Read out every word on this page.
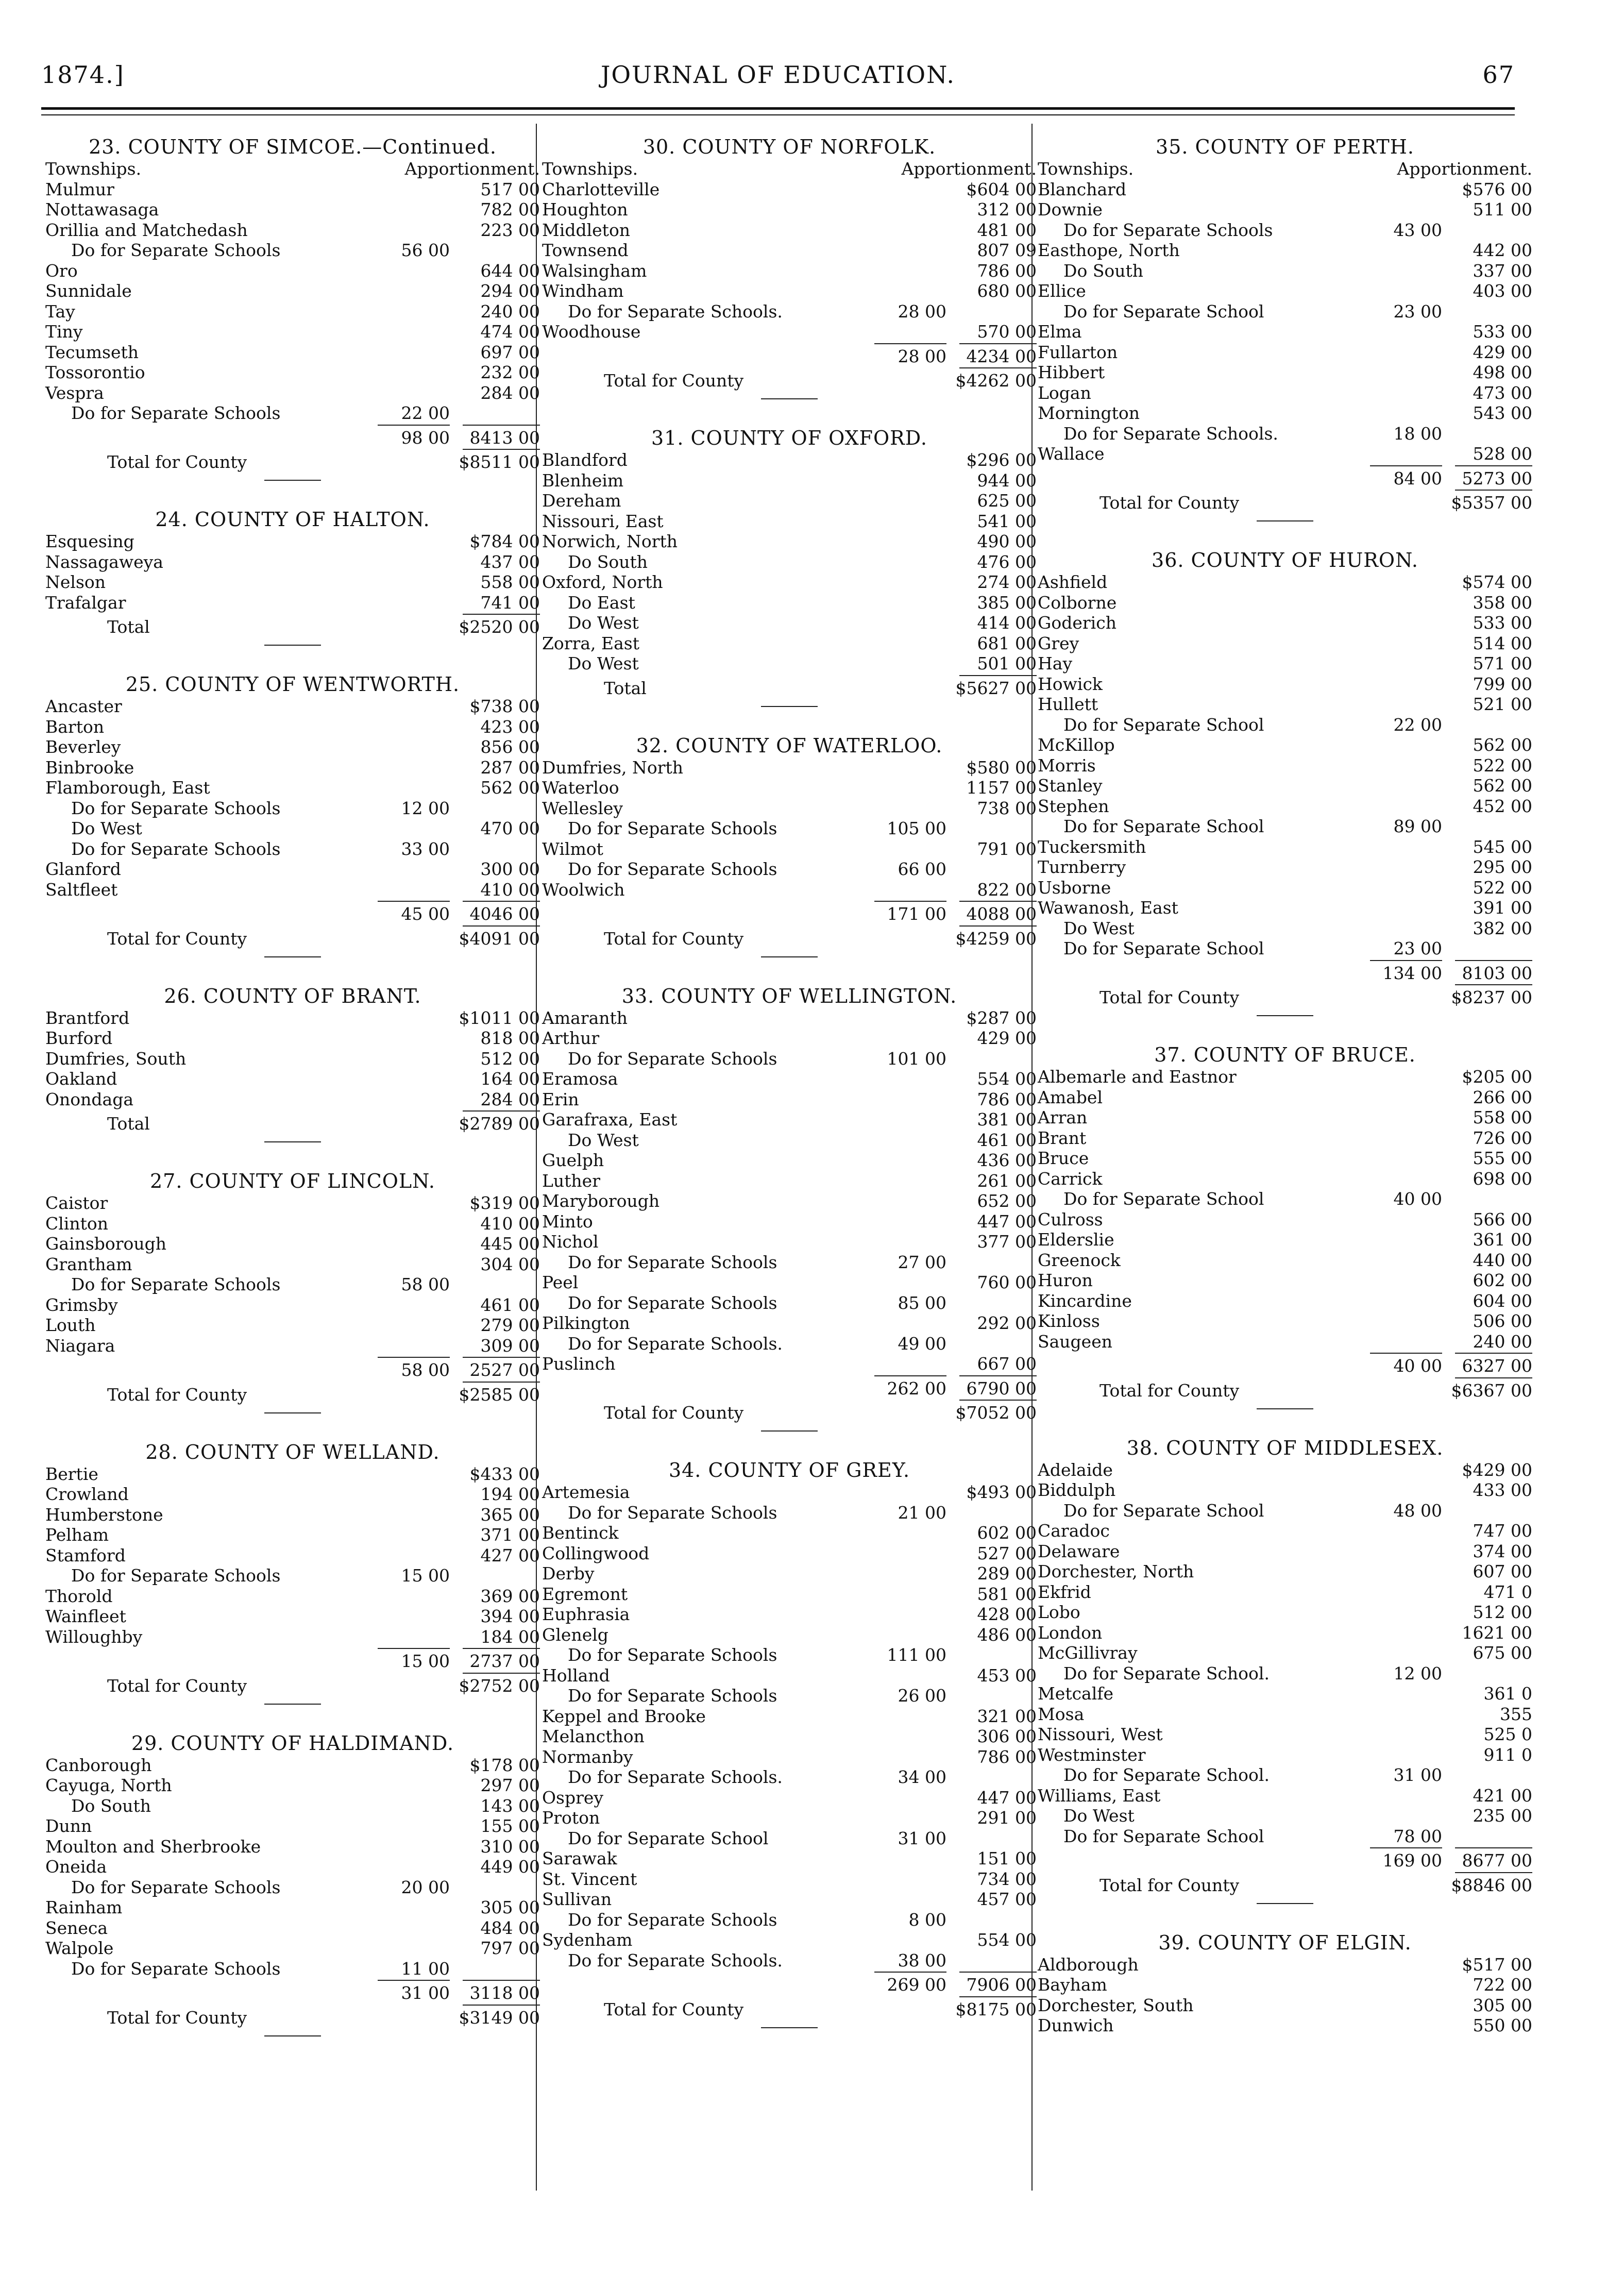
1874.]	JOURNAL OF EDUCATION.	67
23. COUNTY OF SIMCOE.—Continued.
Townships.	Apportionment.
Mulmur	517 00
Nottawasaga	782 00
Orillia and Matchedash	223 00
Do for Separate Schools	56 00
Oro	644 00
Sunnidale	294 00
Tay	240 00
Tiny	474 00
Tecumseth	697 00
Tossorontio	232 00
Vespra	284 00
Do for Separate Schools	22 00
98 00	8413 00
Total for County	$8511 00
24. COUNTY OF HALTON.
Esquesing	$784 00
Nassagaweya	437 00
Nelson	558 00
Trafalgar	741 00
Total	$2520 00
25. COUNTY OF WENTWORTH.
Ancaster	$738 00
Barton	423 00
Beverley	856 00
Binbrooke	287 00
Flamborough, East	562 00
Do for Separate Schools	12 00
Do West	470 00
Do for Separate Schools	33 00
Glanford	300 00
Saltfleet	410 00
45 00	4046 00
Total for County	$4091 00
26. COUNTY OF BRANT.
Brantford	$1011 00
Burford	818 00
Dumfries, South	512 00
Oakland	164 00
Onondaga	284 00
Total	$2789 00
27. COUNTY OF LINCOLN.
Caistor	$319 00
Clinton	410 00
Gainsborough	445 00
Grantham	304 00
Do for Separate Schools	58 00
Grimsby	461 00
Louth	279 00
Niagara	309 00
58 00	2527 00
Total for County	$2585 00
28. COUNTY OF WELLAND.
Bertie	$433 00
Crowland	194 00
Humberstone	365 00
Pelham	371 00
Stamford	427 00
Do for Separate Schools	15 00
Thorold	369 00
Wainfleet	394 00
Willoughby	184 00
15 00	2737 00
Total for County	$2752 00
29. COUNTY OF HALDIMAND.
Canborough	$178 00
Cayuga, North	297 00
Do South	143 00
Dunn	155 00
Moulton and Sherbrooke	310 00
Oneida	449 00
Do for Separate Schools	20 00
Rainham	305 00
Seneca	484 00
Walpole	797 00
Do for Separate Schools	11 00
31 00	3118 00
Total for County	$3149 00
30. COUNTY OF NORFOLK.
Townships.	Apportionment.
Charlotteville	$604 00
Houghton	312 00
Middleton	481 00
Townsend	807 09
Walsingham	786 00
Windham	680 00
Do for Separate Schools.	28 00
Woodhouse	570 00
28 00	4234 00
Total for County	$4262 00
31. COUNTY OF OXFORD.
Blandford	$296 00
Blenheim	944 00
Dereham	625 00
Nissouri, East	541 00
Norwich, North	490 00
Do South	476 00
Oxford, North	274 00
Do East	385 00
Do West	414 00
Zorra, East	681 00
Do West	501 00
Total	$5627 00
32. COUNTY OF WATERLOO.
Dumfries, North	$580 00
Waterloo	1157 00
Wellesley	738 00
Do for Separate Schools	105 00
Wilmot	791 00
Do for Separate Schools	66 00
Woolwich	822 00
171 00	4088 00
Total for County	$4259 00
33. COUNTY OF WELLINGTON.
Amaranth	$287 00
Arthur	429 00
Do for Separate Schools	101 00
Eramosa	554 00
Erin	786 00
Garafraxa, East	381 00
Do West	461 00
Guelph	436 00
Luther	261 00
Maryborough	652 00
Minto	447 00
Nichol	377 00
Do for Separate Schools	27 00
Peel	760 00
Do for Separate Schools	85 00
Pilkington	292 00
Do for Separate Schools.	49 00
Puslinch	667 00
262 00	6790 00
Total for County	$7052 00
34. COUNTY OF GREY.
Artemesia	$493 00
Do for Separate Schools	21 00
Bentinck	602 00
Collingwood	527 00
Derby	289 00
Egremont	581 00
Euphrasia	428 00
Glenelg	486 00
Do for Separate Schools	111 00
Holland	453 00
Do for Separate Schools	26 00
Keppel and Brooke	321 00
Melancthon	306 00
Normanby	786 00
Do for Separate Schools.	34 00
Osprey	447 00
Proton	291 00
Do for Separate School	31 00
Sarawak	151 00
St. Vincent	734 00
Sullivan	457 00
Do for Separate Schools	8 00
Sydenham	554 00
Do for Separate Schools.	38 00
269 00	7906 00
Total for County	$8175 00
35. COUNTY OF PERTH.
Townships.	Apportionment.
Blanchard	$576 00
Downie	511 00
Do for Separate Schools	43 00
Easthope, North	442 00
Do South	337 00
Ellice	403 00
Do for Separate School	23 00
Elma	533 00
Fullarton	429 00
Hibbert	498 00
Logan	473 00
Mornington	543 00
Do for Separate Schools.	18 00
Wallace	528 00
84 00	5273 00
Total for County	$5357 00
36. COUNTY OF HURON.
Ashfield	$574 00
Colborne	358 00
Goderich	533 00
Grey	514 00
Hay	571 00
Howick	799 00
Hullett	521 00
Do for Separate School	22 00
McKillop	562 00
Morris	522 00
Stanley	562 00
Stephen	452 00
Do for Separate School	89 00
Tuckersmith	545 00
Turnberry	295 00
Usborne	522 00
Wawanosh, East	391 00
Do West	382 00
Do for Separate School	23 00
134 00	8103 00
Total for County	$8237 00
37. COUNTY OF BRUCE.
Albemarle and Eastnor	$205 00
Amabel	266 00
Arran	558 00
Brant	726 00
Bruce	555 00
Carrick	698 00
Do for Separate School	40 00
Culross	566 00
Elderslie	361 00
Greenock	440 00
Huron	602 00
Kincardine	604 00
Kinloss	506 00
Saugeen	240 00
40 00	6327 00
Total for County	$6367 00
38. COUNTY OF MIDDLESEX.
Adelaide	$429 00
Biddulph	433 00
Do for Separate School	48 00
Caradoc	747 00
Delaware	374 00
Dorchester, North	607 00
Ekfrid	471 0
Lobo	512 00
London	1621 00
McGillivray	675 00
Do for Separate School.	12 00
Metcalfe	361 0
Mosa	355
Nissouri, West	525 0
Westminster	911 0
Do for Separate School.	31 00
Williams, East	421 00
Do West	235 00
Do for Separate School	78 00
169 00	8677 00
Total for County	$8846 00
39. COUNTY OF ELGIN.
Aldborough	$517 00
Bayham	722 00
Dorchester, South	305 00
Dunwich	550 00
